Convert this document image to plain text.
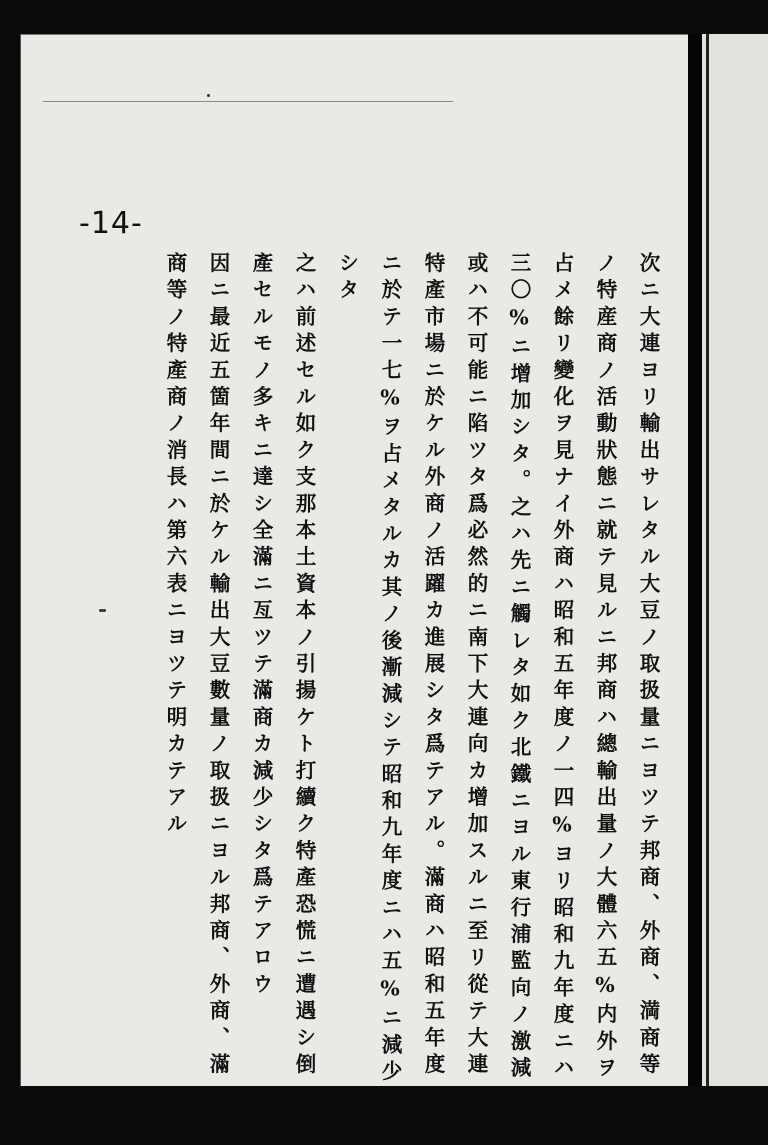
-14-
次ニ大連ヨリ輸出サレタル大豆ノ取扱量ニヨツテ邦商、外商、満商等
ノ特産商ノ活動狀態ニ就テ見ルニ邦商ハ總輸出量ノ大體六五%内外ヲ
占メ餘リ變化ヲ見ナイ外商ハ昭和五年度ノ一四%ヨリ昭和九年度ニハ
三〇%ニ增加シタ。之ハ先ニ觸レタ如ク北鐵ニヨル東行浦監向ノ激減
或ハ不可能ニ陷ツタ爲必然的ニ南下大連向カ增加スルニ至リ從テ大連
特產市場ニ於ケル外商ノ活躍カ進展シタ爲テアル。滿商ハ昭和五年度
ニ於テ一七%ヲ占メタルカ其ノ後漸減シテ昭和九年度ニハ五%ニ減少
シタ
之ハ前述セル如ク支那本土資本ノ引揚ケト打續ク特產恐慌ニ遭遇シ倒
產セルモノ多キニ達シ全滿ニ亙ツテ滿商カ減少シタ爲テアロウ
因ニ最近五箇年間ニ於ケル輸出大豆數量ノ取扱ニヨル邦商、外商、滿
商等ノ特產商ノ消長ハ第六表ニヨツテ明カテアル
